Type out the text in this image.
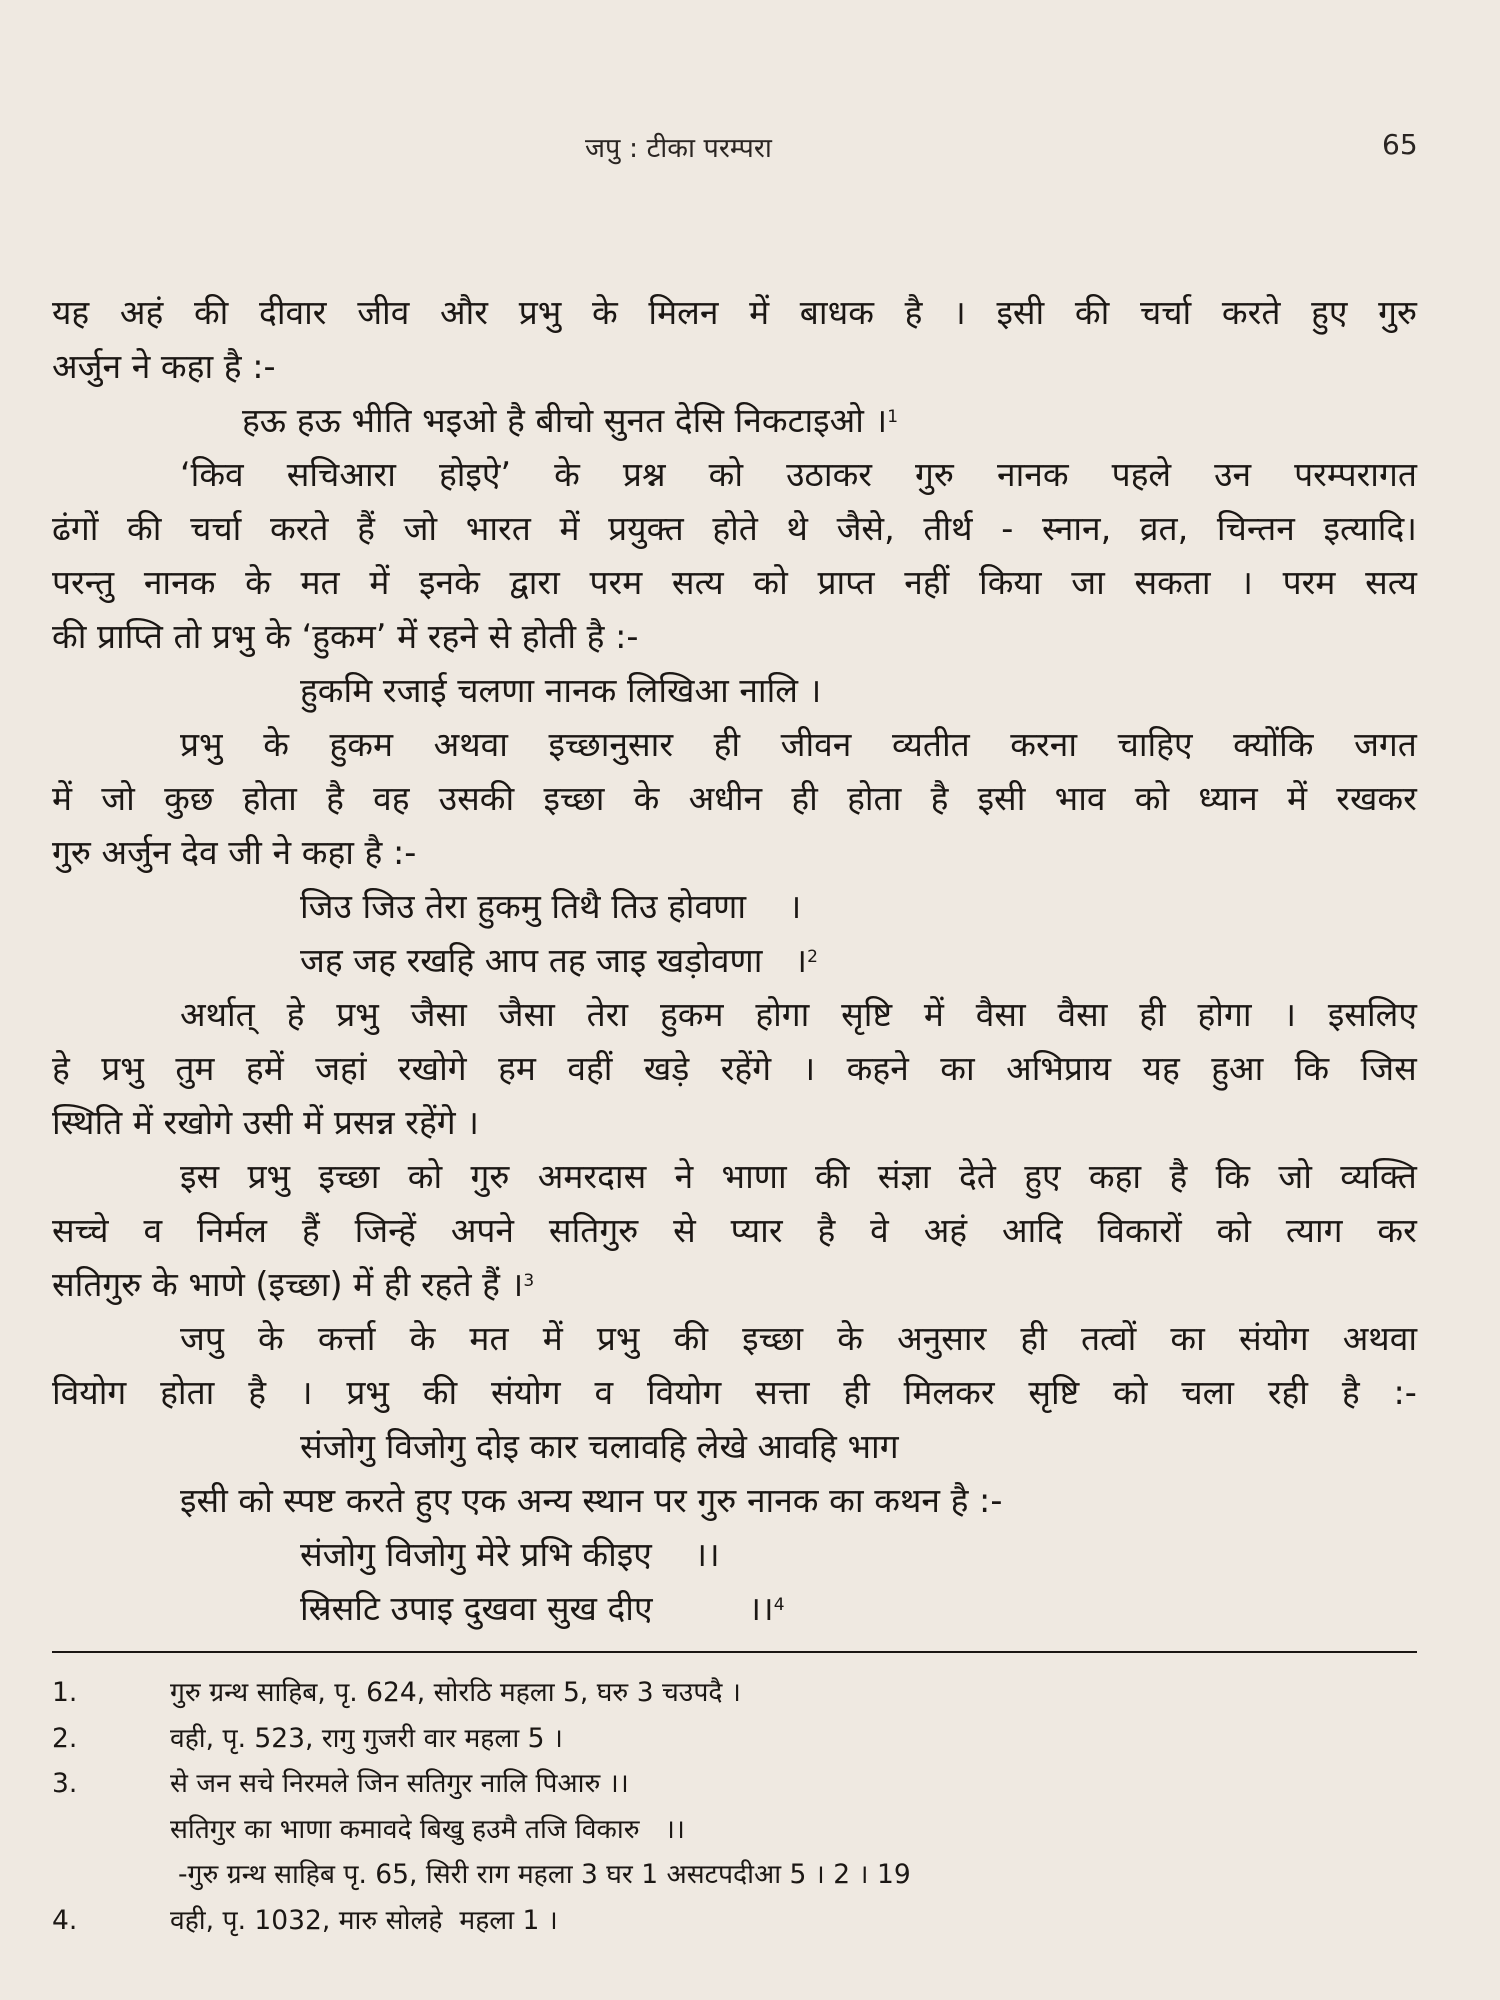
जपु : टीका परम्परा	65
यह अहं की दीवार जीव और प्रभु के मिलन में बाधक है । इसी की चर्चा करते हुए गुरु
अर्जुन ने कहा है :-
हऊ हऊ भीति भइओ है बीचो सुनत देसि निकटाइओ ।$^1$
‘किव सचिआरा होइऐ’ के प्रश्न को उठाकर गुरु नानक पहले उन परम्परागत
ढंगों की चर्चा करते हैं जो भारत में प्रयुक्त होते थे जैसे, तीर्थ - स्नान, व्रत, चिन्तन इत्यादि।
परन्तु नानक के मत में इनके द्वारा परम सत्य को प्राप्त नहीं किया जा सकता । परम सत्य
की प्राप्ति तो प्रभु के ‘हुकम’ में रहने से होती है :-
हुकमि रजाई चलणा नानक लिखिआ नालि ।
प्रभु के हुकम अथवा इच्छानुसार ही जीवन व्यतीत करना चाहिए क्योंकि जगत
में जो कुछ होता है वह उसकी इच्छा के अधीन ही होता है इसी भाव को ध्यान में रखकर
गुरु अर्जुन देव जी ने कहा है :-
जिउ जिउ तेरा हुकमु तिथै तिउ होवणा    ।
जह जह रखहि आप तह जाइ खड़ोवणा   ।$^2$
अर्थात् हे प्रभु जैसा जैसा तेरा हुकम होगा सृष्टि में वैसा वैसा ही होगा । इसलिए
हे प्रभु तुम हमें जहां रखोगे हम वहीं खड़े रहेंगे । कहने का अभिप्राय यह हुआ कि जिस
स्थिति में रखोगे उसी में प्रसन्न रहेंगे ।
इस प्रभु इच्छा को गुरु अमरदास ने भाणा की संज्ञा देते हुए कहा है कि जो व्यक्ति
सच्चे व निर्मल हैं जिन्हें अपने सतिगुरु से प्यार है वे अहं आदि विकारों को त्याग कर
सतिगुरु के भाणे (इच्छा) में ही रहते हैं ।$^3$
जपु के कर्त्ता के मत में प्रभु की इच्छा के अनुसार ही तत्वों का संयोग अथवा
वियोग होता है । प्रभु की संयोग व वियोग सत्ता ही मिलकर सृष्टि को चला रही है :-
संजोगु विजोगु दोइ कार चलावहि लेखे आवहि भाग
इसी को स्पष्ट करते हुए एक अन्य स्थान पर गुरु नानक का कथन है :-
संजोगु विजोगु मेरे प्रभि कीइए    ।।
स्रिसटि उपाइ दुखवा सुख दीए         ।।$^4$
1.	गुरु ग्रन्थ साहिब, पृ. 624, सोरठि महला 5, घरु 3 चउपदै ।
2.	वही, पृ. 523, रागु गुजरी वार महला 5 ।
3.	से जन सचे निरमले जिन सतिगुर नालि पिआरु ।।
सतिगुर का भाणा कमावदे बिखु हउमै तजि विकारु   ।।
-गुरु ग्रन्थ साहिब पृ. 65, सिरी राग महला 3 घर 1 असटपदीआ 5 । 2 । 19
4.	वही, पृ. 1032, मारु सोलहे  महला 1 ।
